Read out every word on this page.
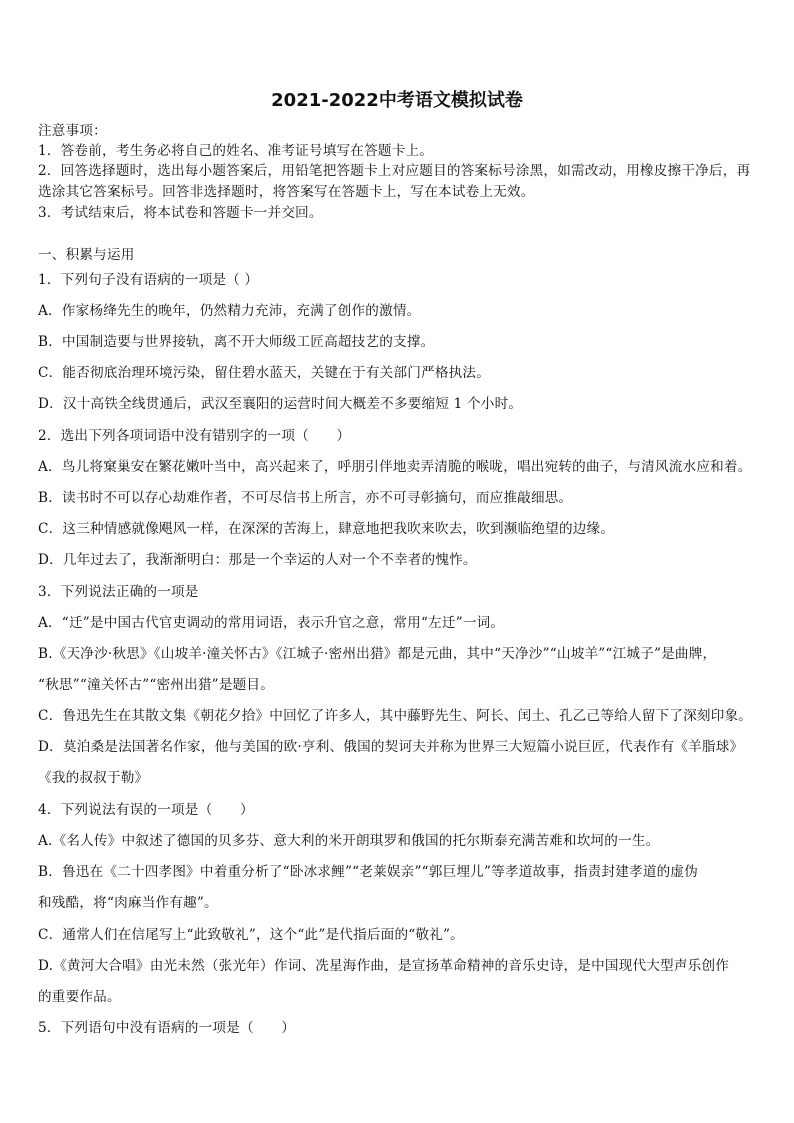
2021-2022中考语文模拟试卷
注意事项：
1．答卷前，考生务必将自己的姓名、准考证号填写在答题卡上。
2．回答选择题时，选出每小题答案后，用铅笔把答题卡上对应题目的答案标号涂黑，如需改动，用橡皮擦干净后，再
选涂其它答案标号。回答非选择题时，将答案写在答题卡上，写在本试卷上无效。
3．考试结束后，将本试卷和答题卡一并交回。
一、积累与运用
1．下列句子没有语病的一项是（ ）
A．作家杨绛先生的晚年，仍然精力充沛，充满了创作的激情。
B．中国制造要与世界接轨，离不开大师级工匠高超技艺的支撑。
C．能否彻底治理环境污染，留住碧水蓝天，关键在于有关部门严格执法。
D．汉十高铁全线贯通后，武汉至襄阳的运营时间大概差不多要缩短 1 个小时。
2．选出下列各项词语中没有错别字的一项（　　）
A．鸟儿将窠巢安在繁花嫩叶当中，高兴起来了，呼朋引伴地卖弄清脆的喉咙，唱出宛转的曲子，与清风流水应和着。
B．读书时不可以存心劫难作者，不可尽信书上所言，亦不可寻彰摘句，而应推敲细思。
C．这三种情感就像飓风一样，在深深的苦海上，肆意地把我吹来吹去，吹到濒临绝望的边缘。
D．几年过去了，我渐渐明白：那是一个幸运的人对一个不幸者的愧怍。
3．下列说法正确的一项是
A．“迁”是中国古代官吏调动的常用词语，表示升官之意，常用“左迁”一词。
B.《天净沙·秋思》《山坡羊·潼关怀古》《江城子·密州出猎》都是元曲，其中“天净沙”“山坡羊”“江城子”是曲牌，
“秋思”“潼关怀古”“密州出猎”是题目。
C．鲁迅先生在其散文集《朝花夕拾》中回忆了许多人，其中藤野先生、阿长、闰土、孔乙己等给人留下了深刻印象。
D．莫泊桑是法国著名作家，他与美国的欧·亨利、俄国的契诃夫并称为世界三大短篇小说巨匠，代表作有《羊脂球》
《我的叔叔于勒》
4．下列说法有误的一项是（　　）
A.《名人传》中叙述了德国的贝多芬、意大利的米开朗琪罗和俄国的托尔斯泰充满苦难和坎坷的一生。
B．鲁迅在《二十四孝图》中着重分析了“卧冰求鲤”“老莱娱亲”“郭巨埋儿”等孝道故事，指责封建孝道的虚伪
和残酷，将“肉麻当作有趣”。
C．通常人们在信尾写上“此致敬礼”，这个“此”是代指后面的“敬礼”。
D.《黄河大合唱》由光未然（张光年）作词、冼星海作曲，是宣扬革命精神的音乐史诗，是中国现代大型声乐创作
的重要作品。
5．下列语句中没有语病的一项是（　　）
